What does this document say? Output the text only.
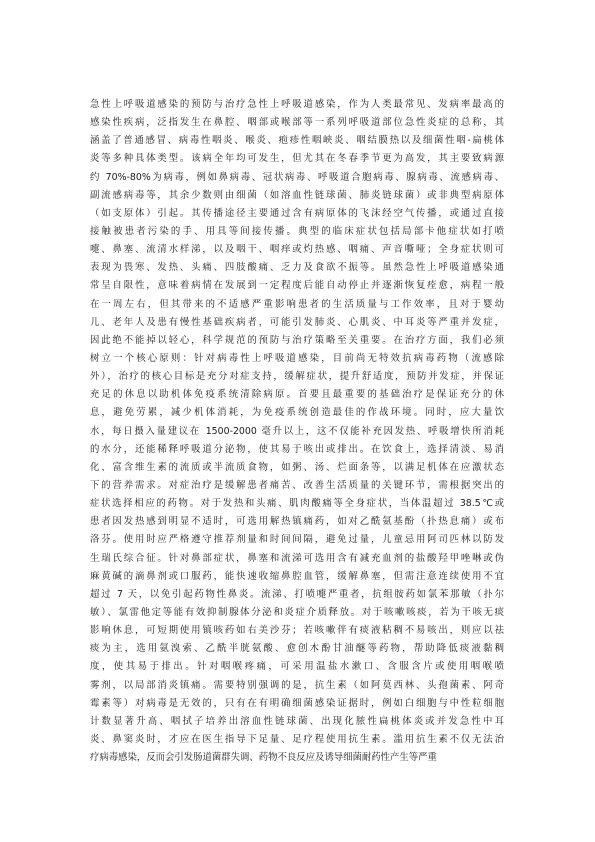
急性上呼吸道感染的预防与治疗急性上呼吸道感染，作为人类最常见、发病率最高的
感染性疾病，泛指发生在鼻腔、咽部或喉部等一系列呼吸道部位急性炎症的总称，其
涵盖了普通感冒、病毒性咽炎、喉炎、疱疹性咽峡炎、咽结膜热以及细菌性咽-扁桃体
炎等多种具体类型。该病全年均可发生，但尤其在冬春季节更为高发，其主要致病源
约 70%-80%为病毒，例如鼻病毒、冠状病毒、呼吸道合胞病毒、腺病毒、流感病毒、
副流感病毒等，其余少数则由细菌（如溶血性链球菌、肺炎链球菌）或非典型病原体
（如支原体）引起。其传播途径主要通过含有病原体的飞沫经空气传播，或通过直接
接触被患者污染的手、用具等间接传播。典型的临床症状包括局部卡他症状如打喷
嚏、鼻塞、流清水样涕，以及咽干、咽痒或灼热感、咽痛、声音嘶哑；全身症状则可
表现为畏寒、发热、头痛、四肢酸痛、乏力及食欲不振等。虽然急性上呼吸道感染通
常呈自限性，意味着病情在发展到一定程度后能自动停止并逐渐恢复痊愈，病程一般
在一周左右，但其带来的不适感严重影响患者的生活质量与工作效率，且对于婴幼
儿、老年人及患有慢性基础疾病者，可能引发肺炎、心肌炎、中耳炎等严重并发症，
因此绝不能掉以轻心，科学规范的预防与治疗策略至关重要。在治疗方面，我们必须
树立一个核心原则：针对病毒性上呼吸道感染，目前尚无特效抗病毒药物（流感除
外），治疗的核心目标是充分对症支持，缓解症状，提升舒适度，预防并发症，并保证
充足的休息以助机体免疫系统清除病原。首要且最重要的基础治疗是保证充分的休
息，避免劳累，减少机体消耗，为免疫系统创造最佳的作战环境。同时，应大量饮
水，每日摄入量建议在 1500-2000 毫升以上，这不仅能补充因发热、呼吸增快所消耗
的水分，还能稀释呼吸道分泌物，使其易于咳出或排出。在饮食上，选择清淡、易消
化、富含维生素的流质或半流质食物，如粥、汤、烂面条等，以满足机体在应激状态
下的营养需求。对症治疗是缓解患者痛苦、改善生活质量的关键环节，需根据突出的
症状选择相应的药物。对于发热和头痛、肌肉酸痛等全身症状，当体温超过 38.5℃或
患者因发热感到明显不适时，可选用解热镇痛药，如对乙酰氨基酚（扑热息痛）或布
洛芬。使用时应严格遵守推荐剂量和时间间隔，避免过量，儿童忌用阿司匹林以防发
生瑞氏综合征。针对鼻部症状，鼻塞和流涕可选用含有减充血剂的盐酸羟甲唑啉或伪
麻黄碱的滴鼻剂或口服药，能快速收缩鼻腔血管，缓解鼻塞，但需注意连续使用不宜
超过 7 天，以免引起药物性鼻炎。流涕、打喷嚏严重者，抗组胺药如氯苯那敏（扑尔
敏）、氯雷他定等能有效抑制腺体分泌和炎症介质释放。对于咳嗽咳痰，若为干咳无痰
影响休息，可短期使用镇咳药如右美沙芬；若咳嗽伴有痰液粘稠不易咳出，则应以祛
痰为主，选用氨溴索、乙酰半胱氨酸、愈创木酚甘油醚等药物，帮助降低痰液黏稠
度，使其易于排出。针对咽喉疼痛，可采用温盐水漱口、含服含片或使用咽喉喷
雾剂，以局部消炎镇痛。需要特别强调的是，抗生素（如阿莫西林、头孢菌素、阿奇
霉素等）对病毒是无效的，只有在有明确细菌感染证据时，例如白细胞与中性粒细胞
计数显著升高、咽拭子培养出溶血性链球菌、出现化脓性扁桃体炎或并发急性中耳
炎、鼻窦炎时，才应在医生指导下足量、足疗程使用抗生素。滥用抗生素不仅无法治
疗病毒感染，反而会引发肠道菌群失调、药物不良反应及诱导细菌耐药性产生等严重
